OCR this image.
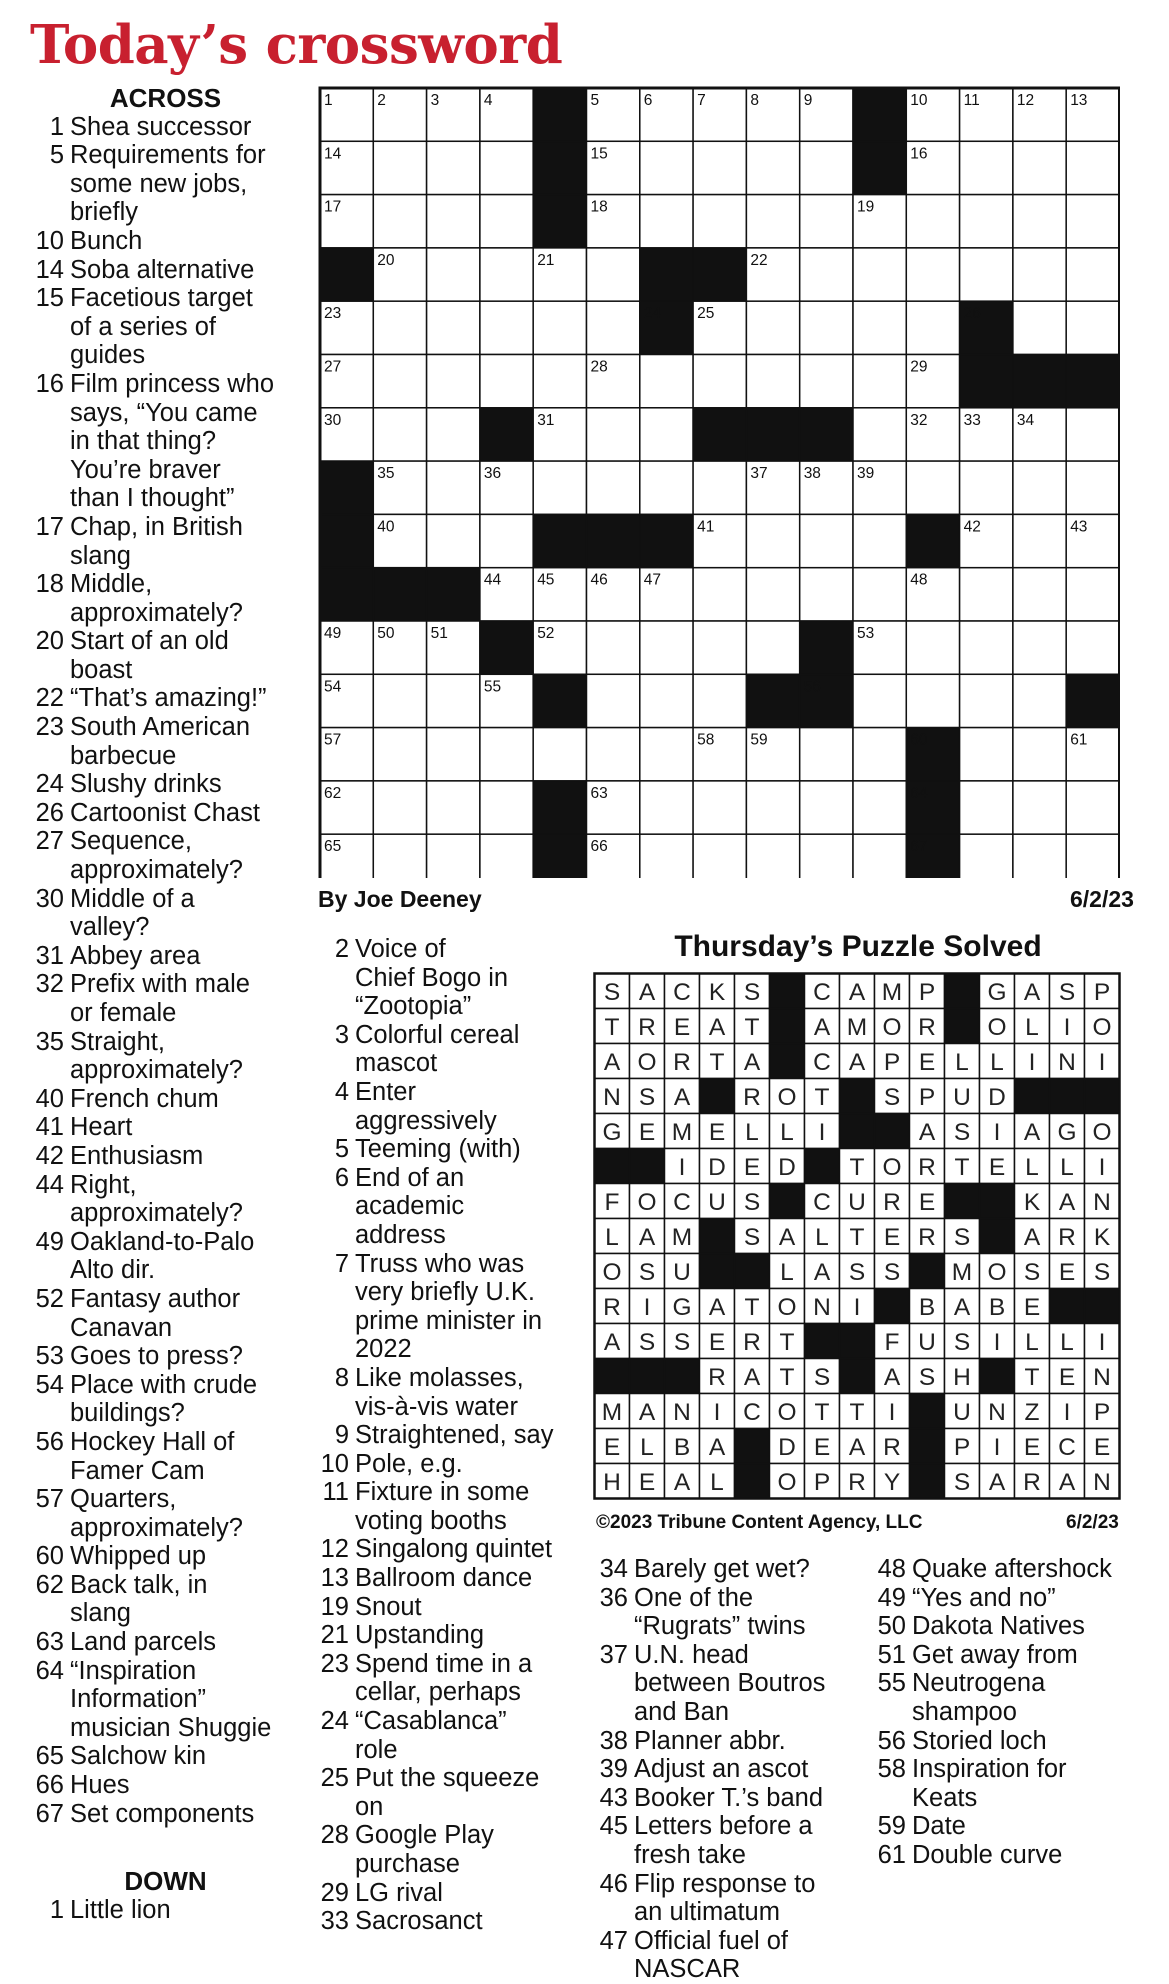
Today’s crossword
ACROSS
1 Shea successor
5 Requirements for
some new jobs,
briefly
10 Bunch
14 Soba alternative
15 Facetious target
of a series of
guides
16 Film princess who
says, “You came
in that thing?
You’re braver
than I thought”
17 Chap, in British
slang
18 Middle,
approximately?
20 Start of an old
boast
22 “That’s amazing!”
23 South American
barbecue
24 Slushy drinks
26 Cartoonist Chast
27 Sequence,
approximately?
30 Middle of a
valley?
31 Abbey area
32 Prefix with male
or female
35 Straight,
approximately?
40 French chum
41 Heart
42 Enthusiasm
44 Right,
approximately?
49 Oakland-to-Palo
Alto dir.
52 Fantasy author
Canavan
53 Goes to press?
54 Place with crude
buildings?
56 Hockey Hall of
Famer Cam
57 Quarters,
approximately?
60 Whipped up
62 Back talk, in
slang
63 Land parcels
64 “Inspiration
Information”
musician Shuggie
65 Salchow kin
66 Hues
67 Set components
DOWN
1 Little lion
2 Voice of
Chief Bogo in
“Zootopia”
3 Colorful cereal
mascot
4 Enter
aggressively
5 Teeming (with)
6 End of an
academic
address
7 Truss who was
very briefly U.K.
prime minister in
2022
8 Like molasses,
vis-à-vis water
9 Straightened, say
10 Pole, e.g.
11 Fixture in some
voting booths
12 Singalong quintet
13 Ballroom dance
19 Snout
21 Upstanding
23 Spend time in a
cellar, perhaps
24 “Casablanca”
role
25 Put the squeeze
on
28 Google Play
purchase
29 LG rival
33 Sacrosanct
34 Barely get wet?
36 One of the
“Rugrats” twins
37 U.N. head
between Boutros
and Ban
38 Planner abbr.
39 Adjust an ascot
43 Booker T.’s band
45 Letters before a
fresh take
46 Flip response to
an ultimatum
47 Official fuel of
NASCAR
48 Quake aftershock
49 “Yes and no”
50 Dakota Natives
51 Get away from
55 Neutrogena
shampoo
56 Storied loch
58 Inspiration for
Keats
59 Date
61 Double curve
1	2	3	4	5	6	7	8	9	10 11 12 13
14	15	16
17	18	19
20	21	22
23	24 25	26
27	28	29
30	31	32 33 34
35	36	37 38 39
40	41	42	43
44 45 46 47	48
49 50 51	52	53
54	55	56
57	58 59	60	61
62	63	64
65	66	67
By Joe Deeney	6/2/23
Thursday’s Puzzle Solved
S A C K S C A M P G A S P
T R E A T A M O R O L I O
A O R T A C A P E L L I N I
N S A R O T S P U D
G E M E L L I	A S I A G O
I D E D T O R T E L L I
F O C U S C U R E	K A N
L A M S A L T E R S A R K
O S U	L A S S M O S E S
R I G A T O N I B A B E
A S S E R T	F U S I L L I
R A T S A S H T E N
M A N I C O T T I U N Z I P
E L B A D E A R P I E C E
H E A L O P R Y S A R A N
©2023 Tribune Content Agency, LLC	6/2/23
